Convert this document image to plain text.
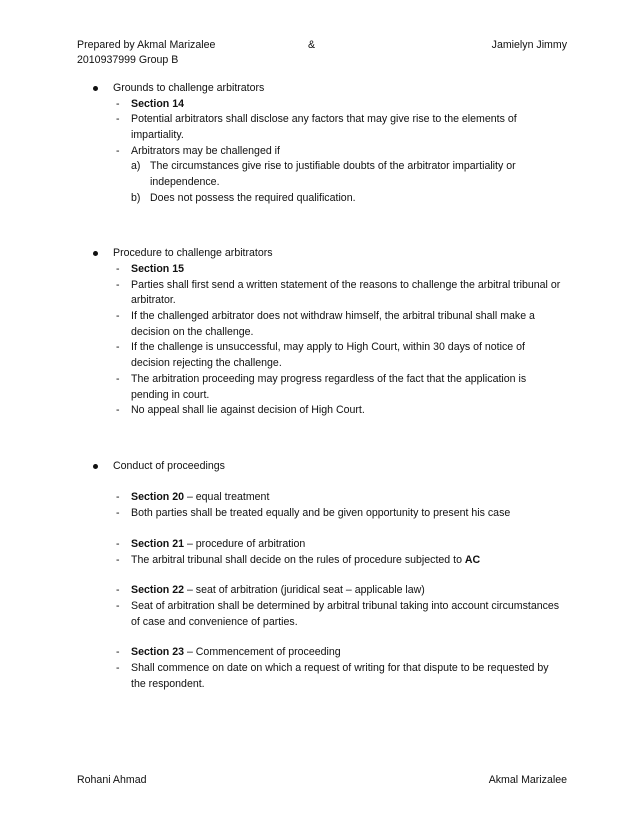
Prepared by Akmal Marizalee	&	Jamielyn Jimmy
2010937999 Group B
Grounds to challenge arbitrators
- Section 14
- Potential arbitrators shall disclose any factors that may give rise to the elements of impartiality.
- Arbitrators may be challenged if
a) The circumstances give rise to justifiable doubts of the arbitrator impartiality or independence.
b) Does not possess the required qualification.
Procedure to challenge arbitrators
- Section 15
- Parties shall first send a written statement of the reasons to challenge the arbitral tribunal or arbitrator.
- If the challenged arbitrator does not withdraw himself, the arbitral tribunal shall make a decision on the challenge.
- If the challenge is unsuccessful, may apply to High Court, within 30 days of notice of decision rejecting the challenge.
- The arbitration proceeding may progress regardless of the fact that the application is pending in court.
- No appeal shall lie against decision of High Court.
Conduct of proceedings
- Section 20 – equal treatment
- Both parties shall be treated equally and be given opportunity to present his case
- Section 21 – procedure of arbitration
- The arbitral tribunal shall decide on the rules of procedure subjected to AC
- Section 22 – seat of arbitration (juridical seat – applicable law)
- Seat of arbitration shall be determined by arbitral tribunal taking into account circumstances of case and convenience of parties.
- Section 23 – Commencement of proceeding
- Shall commence on date on which a request of writing for that dispute to be requested by the respondent.
Rohani Ahmad	Akmal Marizalee
